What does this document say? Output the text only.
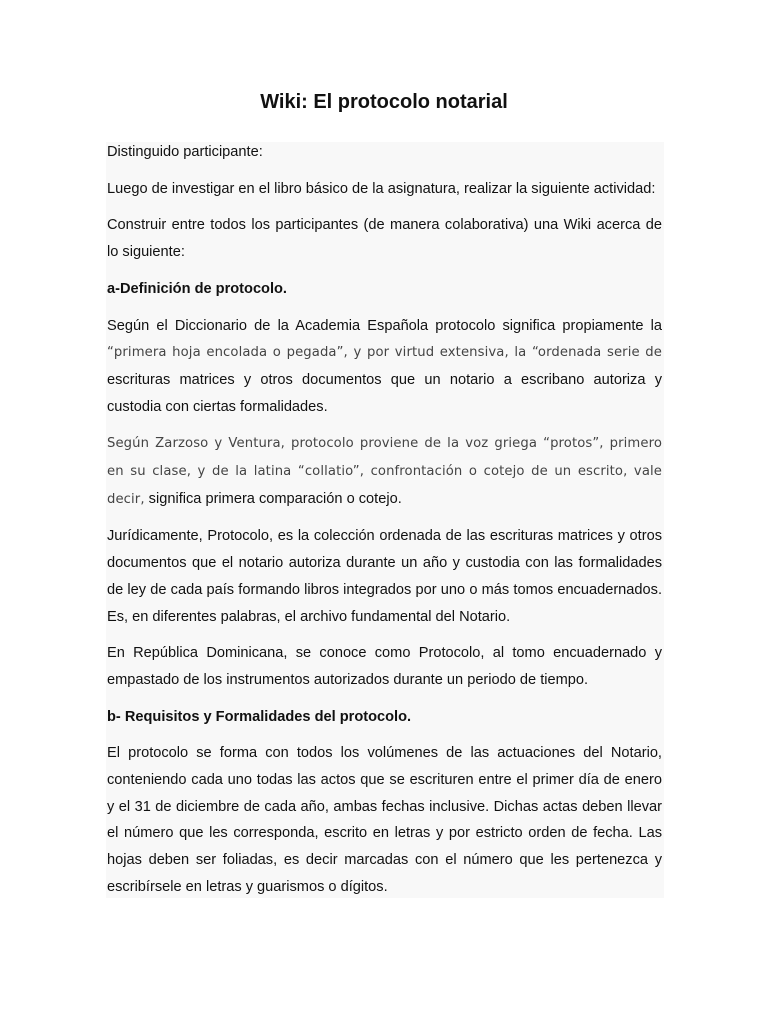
Wiki: El protocolo notarial

Distinguido participante:

Luego de investigar en el libro básico de la asignatura, realizar la siguiente actividad:

Construir entre todos los participantes (de manera colaborativa) una Wiki acerca de lo siguiente:

a-Definición de protocolo.

Según el Diccionario de la Academia Española protocolo significa propiamente la “primera hoja encolada o pegada”, y por virtud extensiva, la “ordenada serie de escrituras matrices y otros documentos que un notario a escribano autoriza y custodia con ciertas formalidades.

Según Zarzoso y Ventura, protocolo proviene de la voz griega “protos”, primero en su clase, y de la latina “collatio”, confrontación o cotejo de un escrito, vale decir, significa primera comparación o cotejo.

Jurídicamente, Protocolo, es la colección ordenada de las escrituras matrices y otros documentos que el notario autoriza durante un año y custodia con las formalidades de ley de cada país formando libros integrados por uno o más tomos encuadernados. Es, en diferentes palabras, el archivo fundamental del Notario.

En República Dominicana, se conoce como Protocolo, al tomo encuadernado y empastado de los instrumentos autorizados durante un periodo de tiempo.

b- Requisitos y Formalidades del protocolo.

El protocolo se forma con todos los volúmenes de las actuaciones del Notario, conteniendo cada uno todas las actos que se escrituren entre el primer día de enero y el 31 de diciembre de cada año, ambas fechas inclusive. Dichas actas deben llevar el número que les corresponda, escrito en letras y por estricto orden de fecha. Las hojas deben ser foliadas, es decir marcadas con el número que les pertenezca y escribírsele en letras y guarismos o dígitos.
